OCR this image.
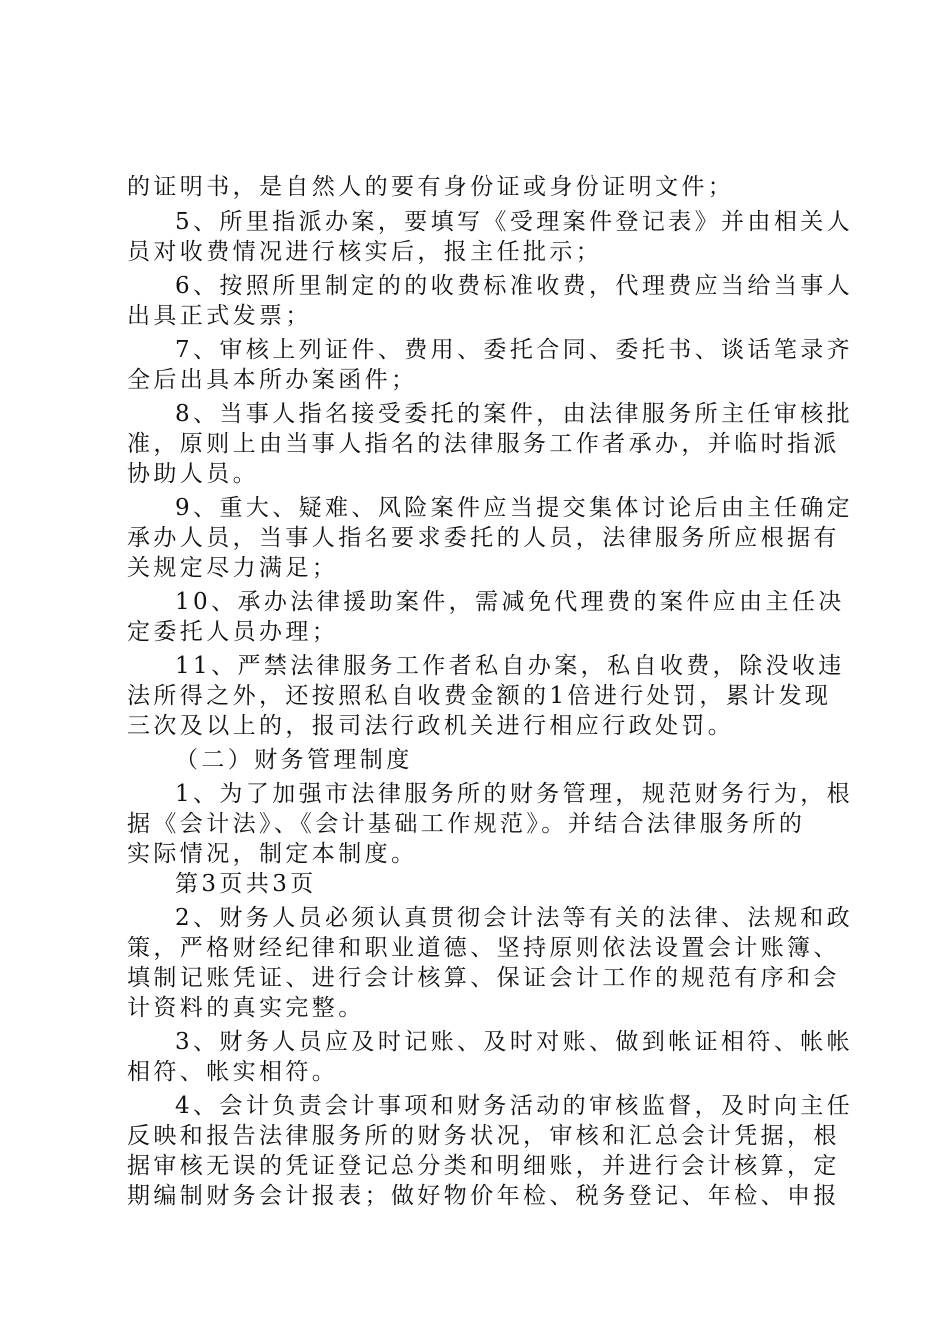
的证明书，是自然人的要有身份证或身份证明文件；
5、所里指派办案，要填写《受理案件登记表》并由相关人
员对收费情况进行核实后，报主任批示；
6、按照所里制定的的收费标准收费，代理费应当给当事人
出具正式发票；
7、审核上列证件、费用、委托合同、委托书、谈话笔录齐
全后出具本所办案函件；
8、当事人指名接受委托的案件，由法律服务所主任审核批
准，原则上由当事人指名的法律服务工作者承办，并临时指派
协助人员。
9、重大、疑难、风险案件应当提交集体讨论后由主任确定
承办人员，当事人指名要求委托的人员，法律服务所应根据有
关规定尽力满足；
10、承办法律援助案件，需减免代理费的案件应由主任决
定委托人员办理；
11、严禁法律服务工作者私自办案，私自收费，除没收违
法所得之外，还按照私自收费金额的1倍进行处罚，累计发现
三次及以上的，报司法行政机关进行相应行政处罚。
（二）财务管理制度
1、为了加强市法律服务所的财务管理，规范财务行为，根
据《会计法》、《会计基础工作规范》。并结合法律服务所的
实际情况，制定本制度。
第3页共3页
2、财务人员必须认真贯彻会计法等有关的法律、法规和政
策，严格财经纪律和职业道德、坚持原则依法设置会计账簿、
填制记账凭证、进行会计核算、保证会计工作的规范有序和会
计资料的真实完整。
3、财务人员应及时记账、及时对账、做到帐证相符、帐帐
相符、帐实相符。
4、会计负责会计事项和财务活动的审核监督，及时向主任
反映和报告法律服务所的财务状况，审核和汇总会计凭据，根
据审核无误的凭证登记总分类和明细账，并进行会计核算，定
期编制财务会计报表；做好物价年检、税务登记、年检、申报
